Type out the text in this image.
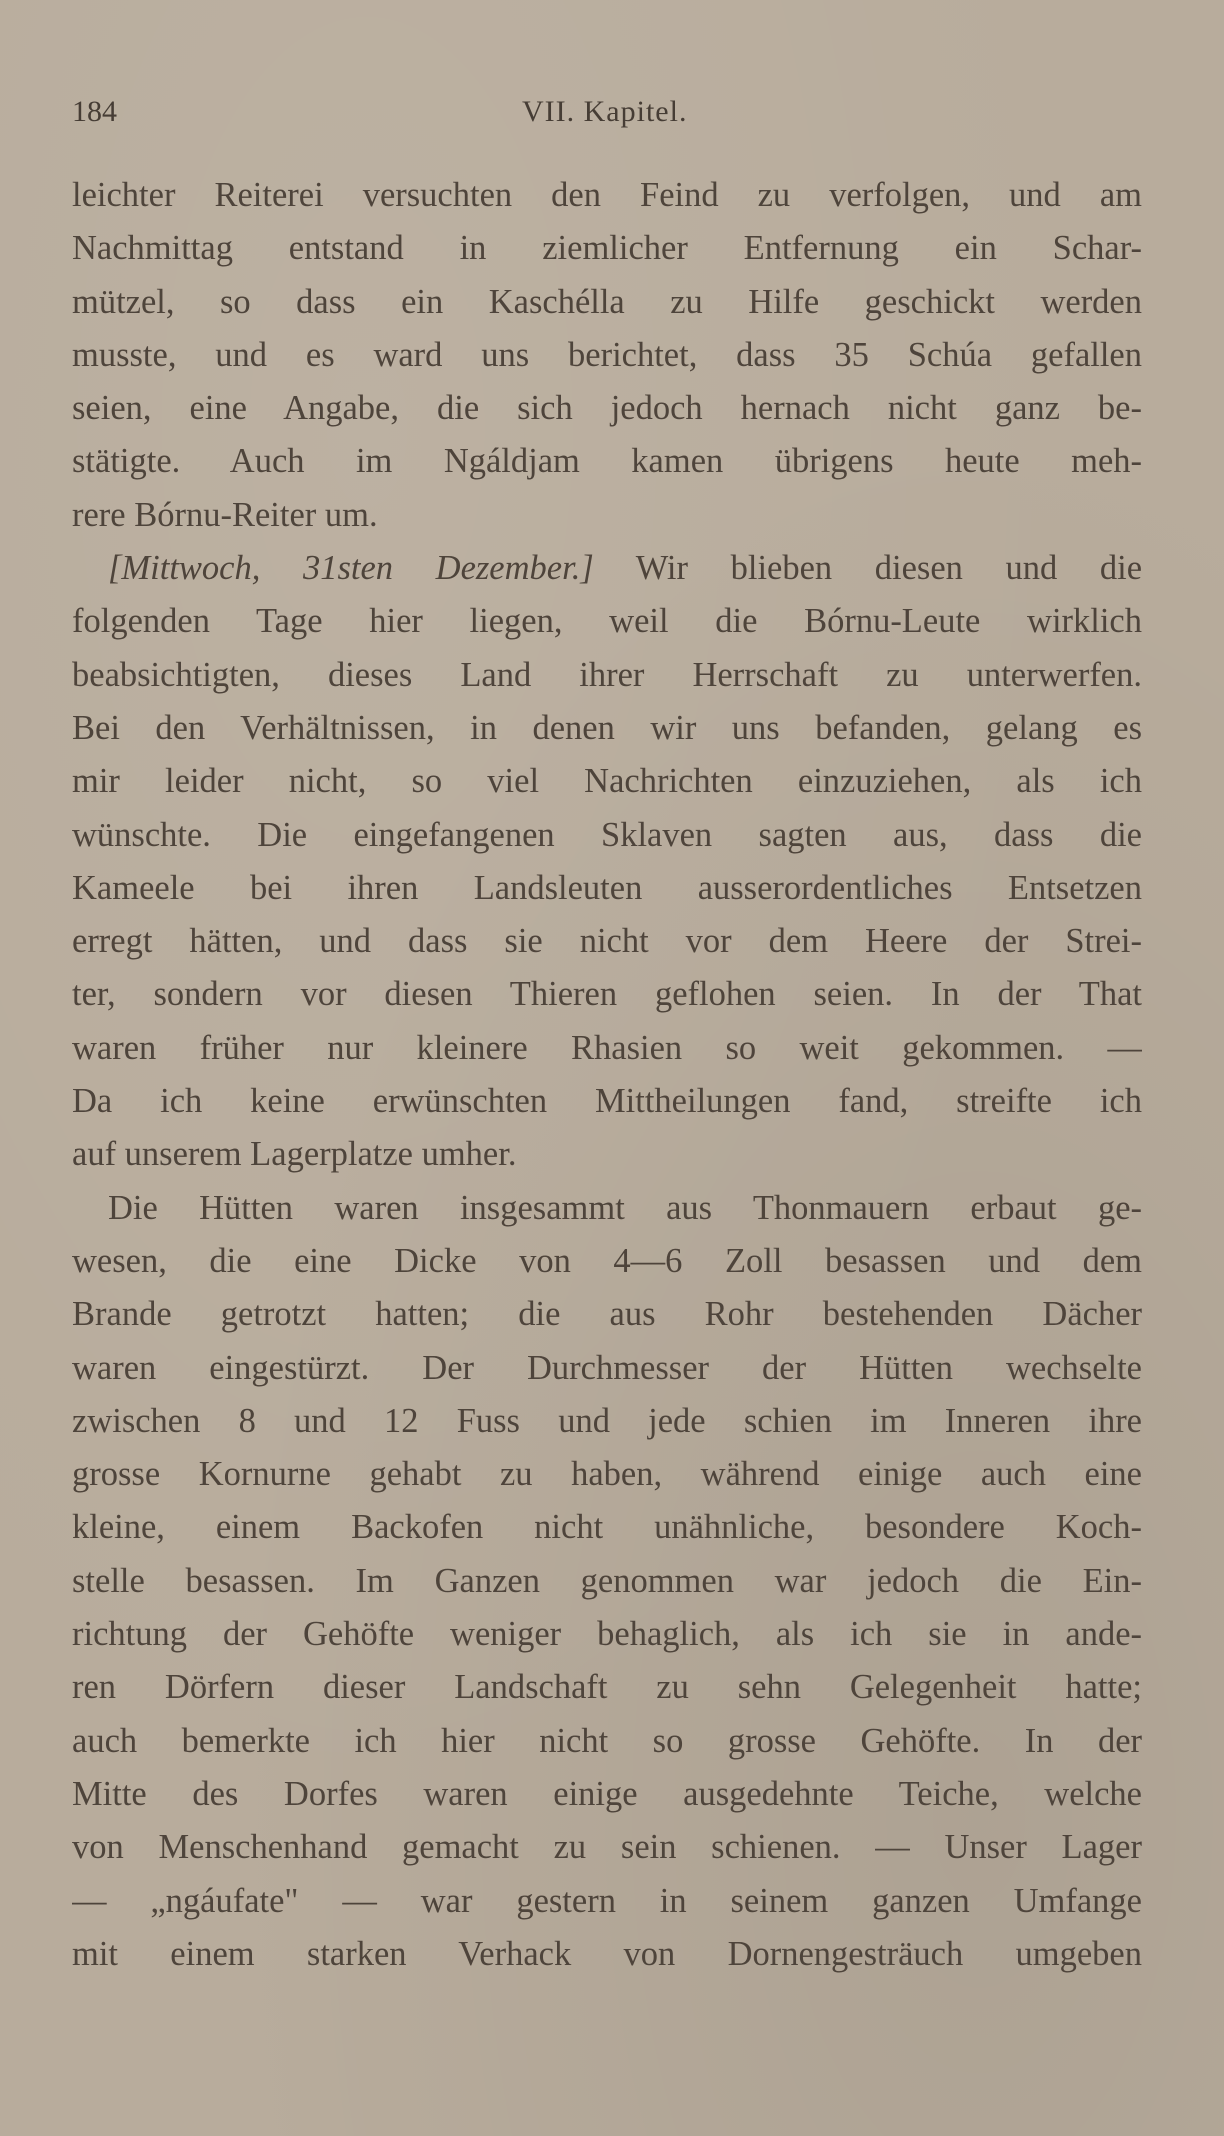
184	VII. Kapitel.
leichter Reiterei versuchten den Feind zu verfolgen, und am
Nachmittag entstand in ziemlicher Entfernung ein Schar-
mützel, so dass ein Kaschélla zu Hilfe geschickt werden
musste, und es ward uns berichtet, dass 35 Schúa gefallen
seien, eine Angabe, die sich jedoch hernach nicht ganz be-
stätigte. Auch im Ngáldjam kamen übrigens heute meh-
rere Bórnu-Reiter um.
[Mittwoch, 31sten Dezember.] Wir blieben diesen und die
folgenden Tage hier liegen, weil die Bórnu-Leute wirklich
beabsichtigten, dieses Land ihrer Herrschaft zu unterwerfen.
Bei den Verhältnissen, in denen wir uns befanden, gelang es
mir leider nicht, so viel Nachrichten einzuziehen, als ich
wünschte. Die eingefangenen Sklaven sagten aus, dass die
Kameele bei ihren Landsleuten ausserordentliches Entsetzen
erregt hätten, und dass sie nicht vor dem Heere der Strei-
ter, sondern vor diesen Thieren geflohen seien. In der That
waren früher nur kleinere Rhasien so weit gekommen. —
Da ich keine erwünschten Mittheilungen fand, streifte ich
auf unserem Lagerplatze umher.
Die Hütten waren insgesammt aus Thonmauern erbaut ge-
wesen, die eine Dicke von 4—6 Zoll besassen und dem
Brande getrotzt hatten; die aus Rohr bestehenden Dächer
waren eingestürzt. Der Durchmesser der Hütten wechselte
zwischen 8 und 12 Fuss und jede schien im Inneren ihre
grosse Kornurne gehabt zu haben, während einige auch eine
kleine, einem Backofen nicht unähnliche, besondere Koch-
stelle besassen. Im Ganzen genommen war jedoch die Ein-
richtung der Gehöfte weniger behaglich, als ich sie in ande-
ren Dörfern dieser Landschaft zu sehn Gelegenheit hatte;
auch bemerkte ich hier nicht so grosse Gehöfte. In der
Mitte des Dorfes waren einige ausgedehnte Teiche, welche
von Menschenhand gemacht zu sein schienen. — Unser Lager
— „ngáufate" — war gestern in seinem ganzen Umfange
mit einem starken Verhack von Dornengesträuch umgeben
